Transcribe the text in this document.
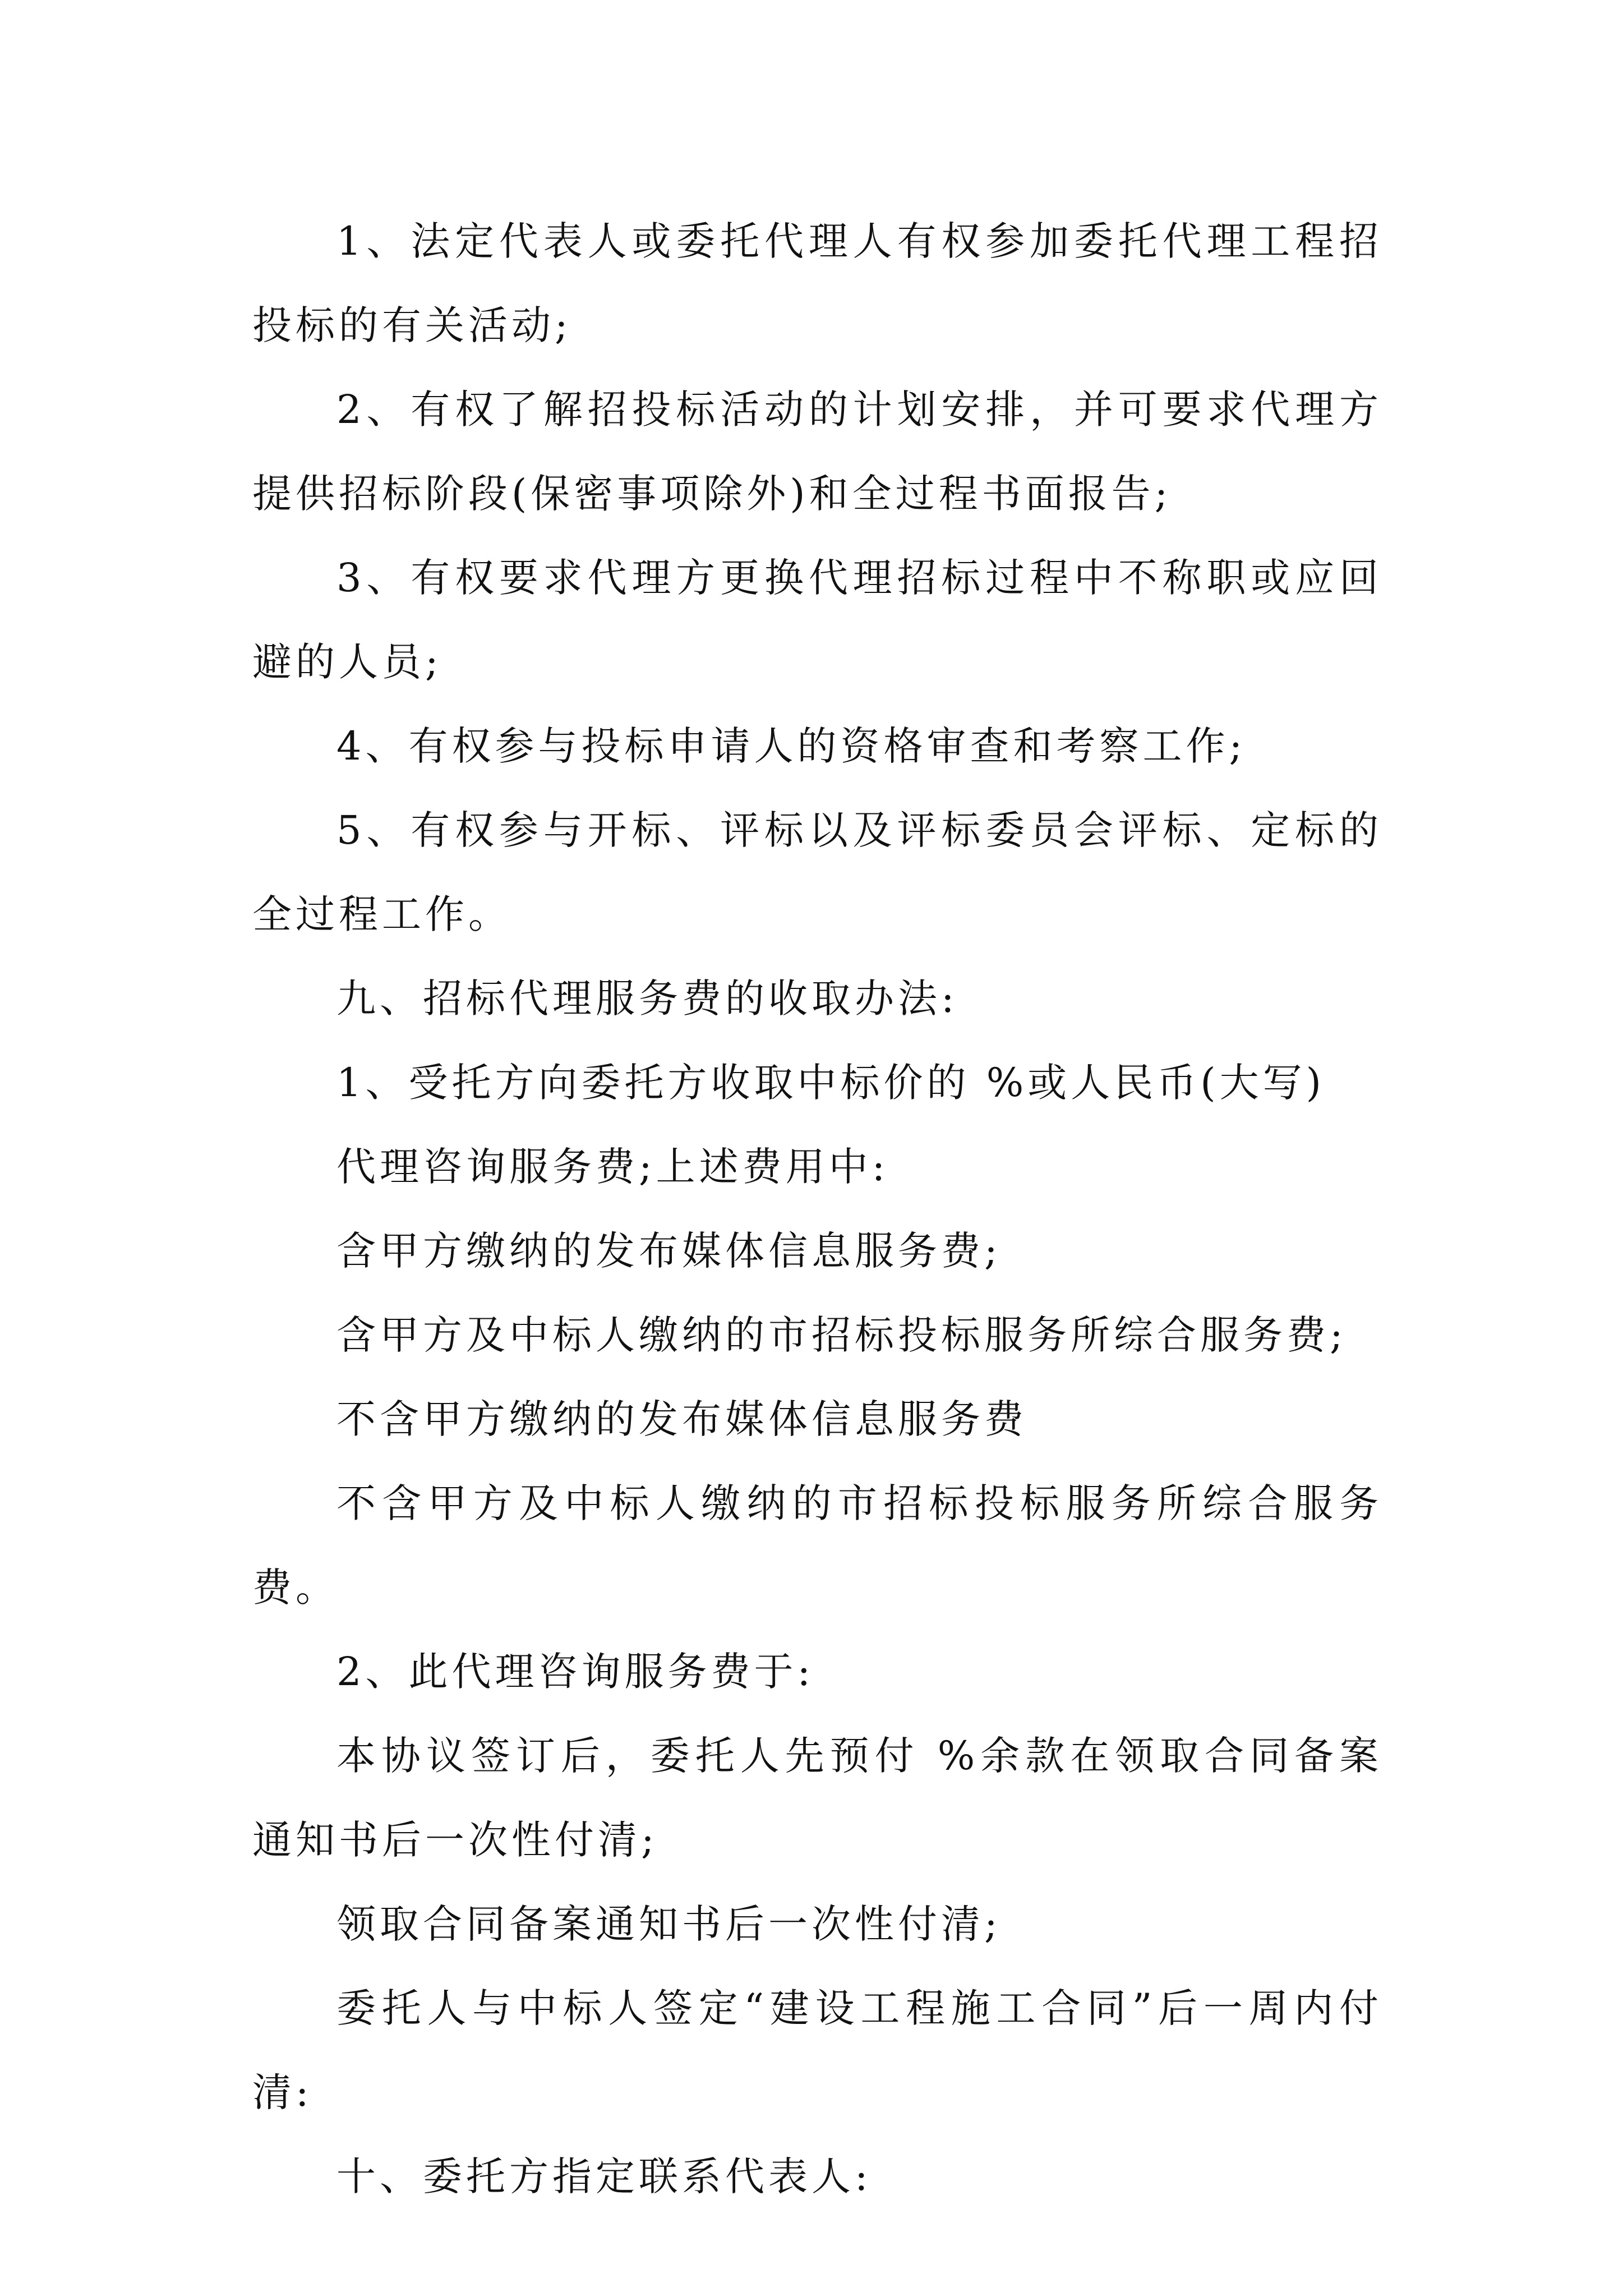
1、法定代表人或委托代理人有权参加委托代理工程招投标的有关活动;

2、有权了解招投标活动的计划安排，并可要求代理方提供招标阶段(保密事项除外)和全过程书面报告;

3、有权要求代理方更换代理招标过程中不称职或应回避的人员;

4、有权参与投标申请人的资格审查和考察工作;

5、有权参与开标、评标以及评标委员会评标、定标的全过程工作。

九、招标代理服务费的收取办法:

1、受托方向委托方收取中标价的 %或人民币(大写)

代理咨询服务费;上述费用中:

含甲方缴纳的发布媒体信息服务费;

含甲方及中标人缴纳的市招标投标服务所综合服务费;

不含甲方缴纳的发布媒体信息服务费

不含甲方及中标人缴纳的市招标投标服务所综合服务费。

2、此代理咨询服务费于:

本协议签订后，委托人先预付 %余款在领取合同备案通知书后一次性付清;

领取合同备案通知书后一次性付清;

委托人与中标人签定“建设工程施工合同”后一周内付清:

十、委托方指定联系代表人:
